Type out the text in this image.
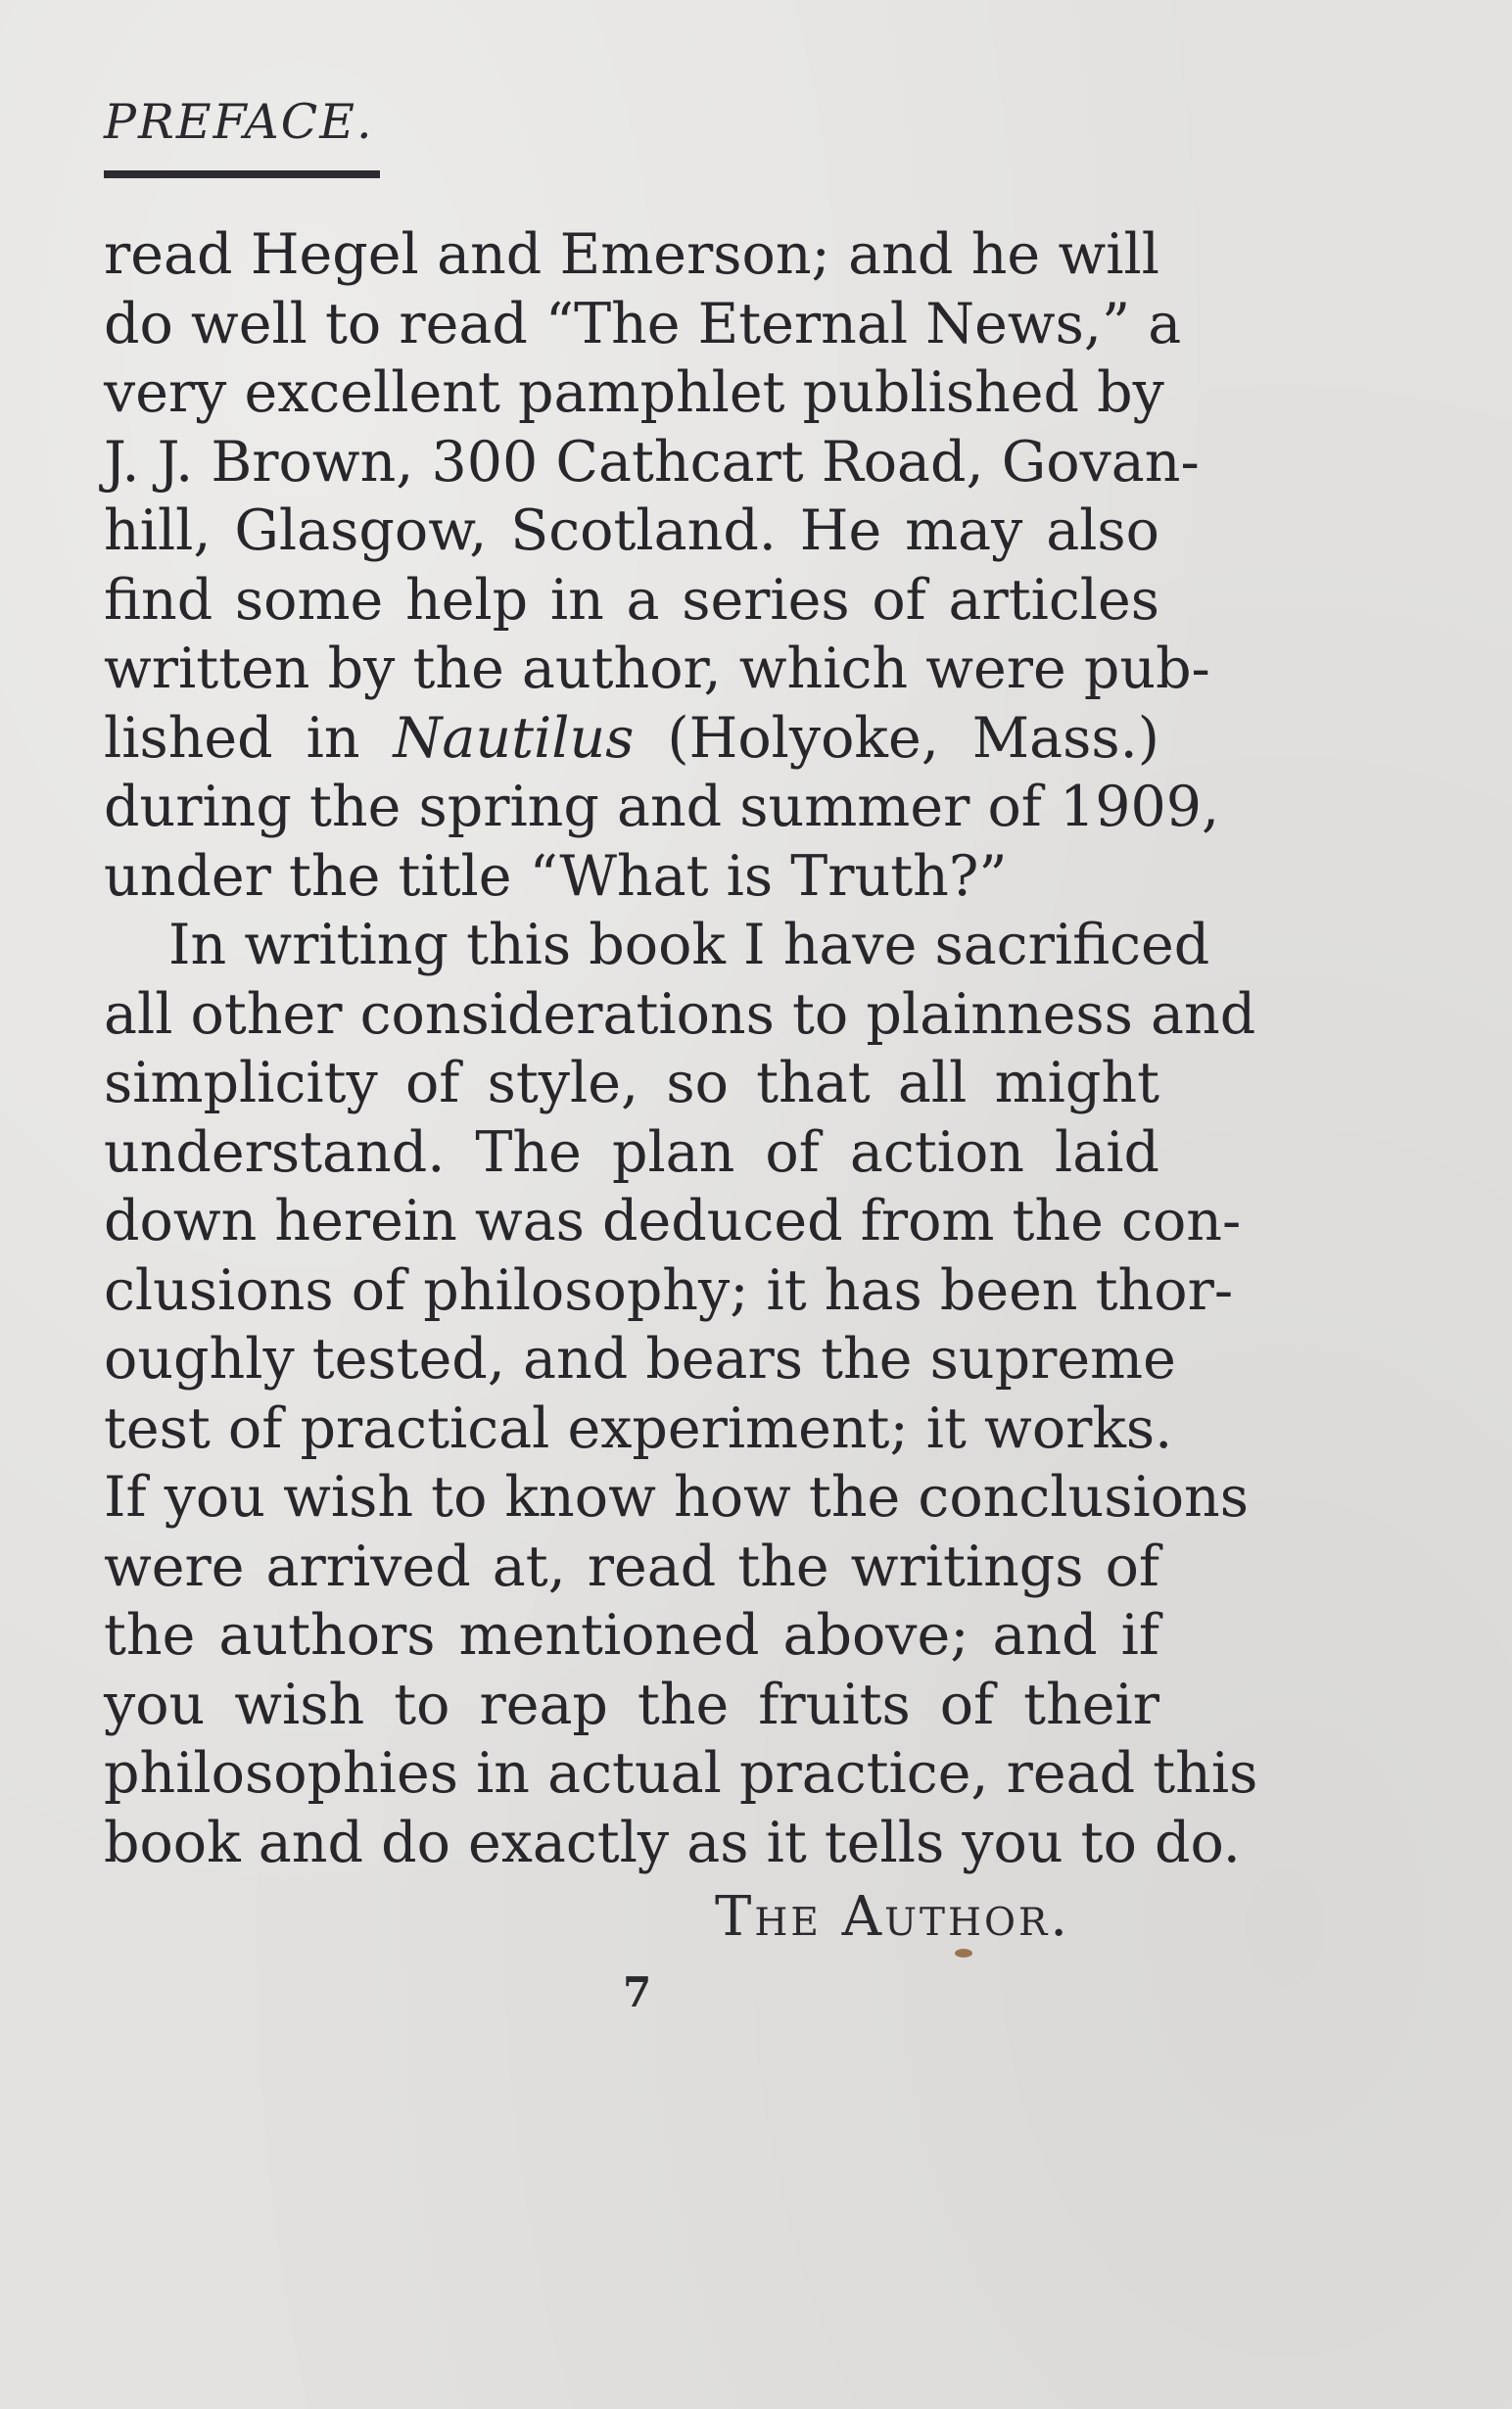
PREFACE.

read Hegel and Emerson; and he will
do well to read “The Eternal News,” a
very excellent pamphlet published by
J. J. Brown, 300 Cathcart Road, Govan-
hill, Glasgow, Scotland. He may also
find some help in a series of articles
written by the author, which were pub-
lished in Nautilus (Holyoke, Mass.)
during the spring and summer of 1909,
under the title “What is Truth?”

In writing this book I have sacrificed
all other considerations to plainness and
simplicity of style, so that all might
understand. The plan of action laid
down herein was deduced from the con-
clusions of philosophy; it has been thor-
oughly tested, and bears the supreme
test of practical experiment; it works.
If you wish to know how the conclusions
were arrived at, read the writings of
the authors mentioned above; and if
you wish to reap the fruits of their
philosophies in actual practice, read this
book and do exactly as it tells you to do.

The Author.
7
